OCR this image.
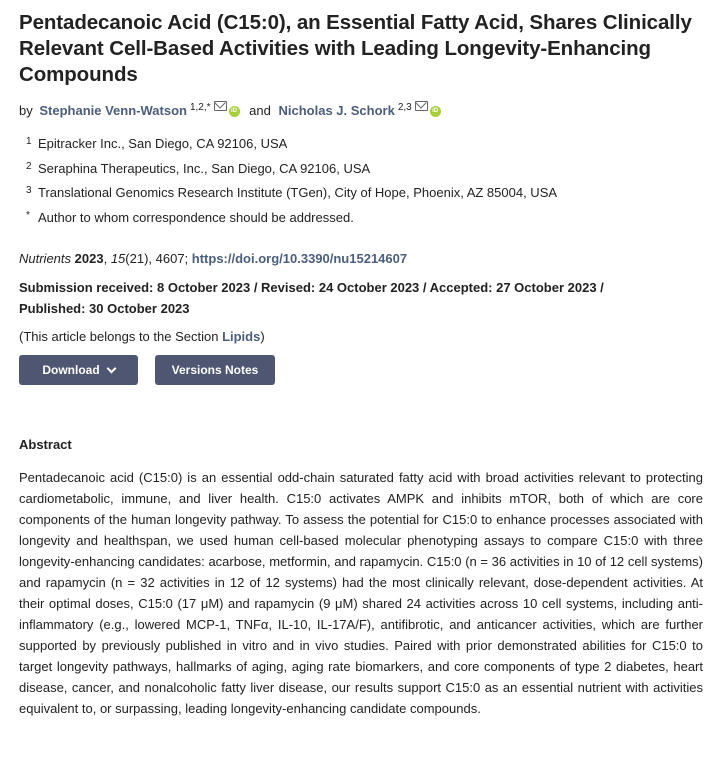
Pentadecanoic Acid (C15:0), an Essential Fatty Acid, Shares Clinically Relevant Cell-Based Activities with Leading Longevity-Enhancing Compounds
by Stephanie Venn-Watson $^{1,2,*}$	iD and Nicholas J. Schork $^{2,3}$	iD
1 Epitracker Inc., San Diego, CA 92106, USA
2 Seraphina Therapeutics, Inc., San Diego, CA 92106, USA
3 Translational Genomics Research Institute (TGen), City of Hope, Phoenix, AZ 85004, USA
* Author to whom correspondence should be addressed.
Nutrients 2023, 15(21), 4607; https://doi.org/10.3390/nu15214607
Submission received: 8 October 2023 / Revised: 24 October 2023 / Accepted: 27 October 2023 /
Published: 30 October 2023
(This article belongs to the Section Lipids)
Download	Versions Notes
Abstract
Pentadecanoic acid (C15:0) is an essential odd-chain saturated fatty acid with broad activities relevant to protecting cardiometabolic, immune, and liver health. C15:0 activates AMPK and inhibits mTOR, both of which are core components of the human longevity pathway. To assess the potential for C15:0 to enhance processes associated with longevity and healthspan, we used human cell-based molecular phenotyping assays to compare C15:0 with three longevity-enhancing candidates: acarbose, metformin, and rapamycin. C15:0 (n = 36 activities in 10 of 12 cell systems) and rapamycin (n = 32 activities in 12 of 12 systems) had the most clinically relevant, dose-dependent activities. At their optimal doses, C15:0 (17 μM) and rapamycin (9 μM) shared 24 activities across 10 cell systems, including anti-inflammatory (e.g., lowered MCP-1, TNFα, IL-10, IL-17A/F), antifibrotic, and anticancer activities, which are further supported by previously published in vitro and in vivo studies. Paired with prior demonstrated abilities for C15:0 to target longevity pathways, hallmarks of aging, aging rate biomarkers, and core components of type 2 diabetes, heart disease, cancer, and nonalcoholic fatty liver disease, our results support C15:0 as an essential nutrient with activities equivalent to, or surpassing, leading longevity-enhancing candidate compounds.
